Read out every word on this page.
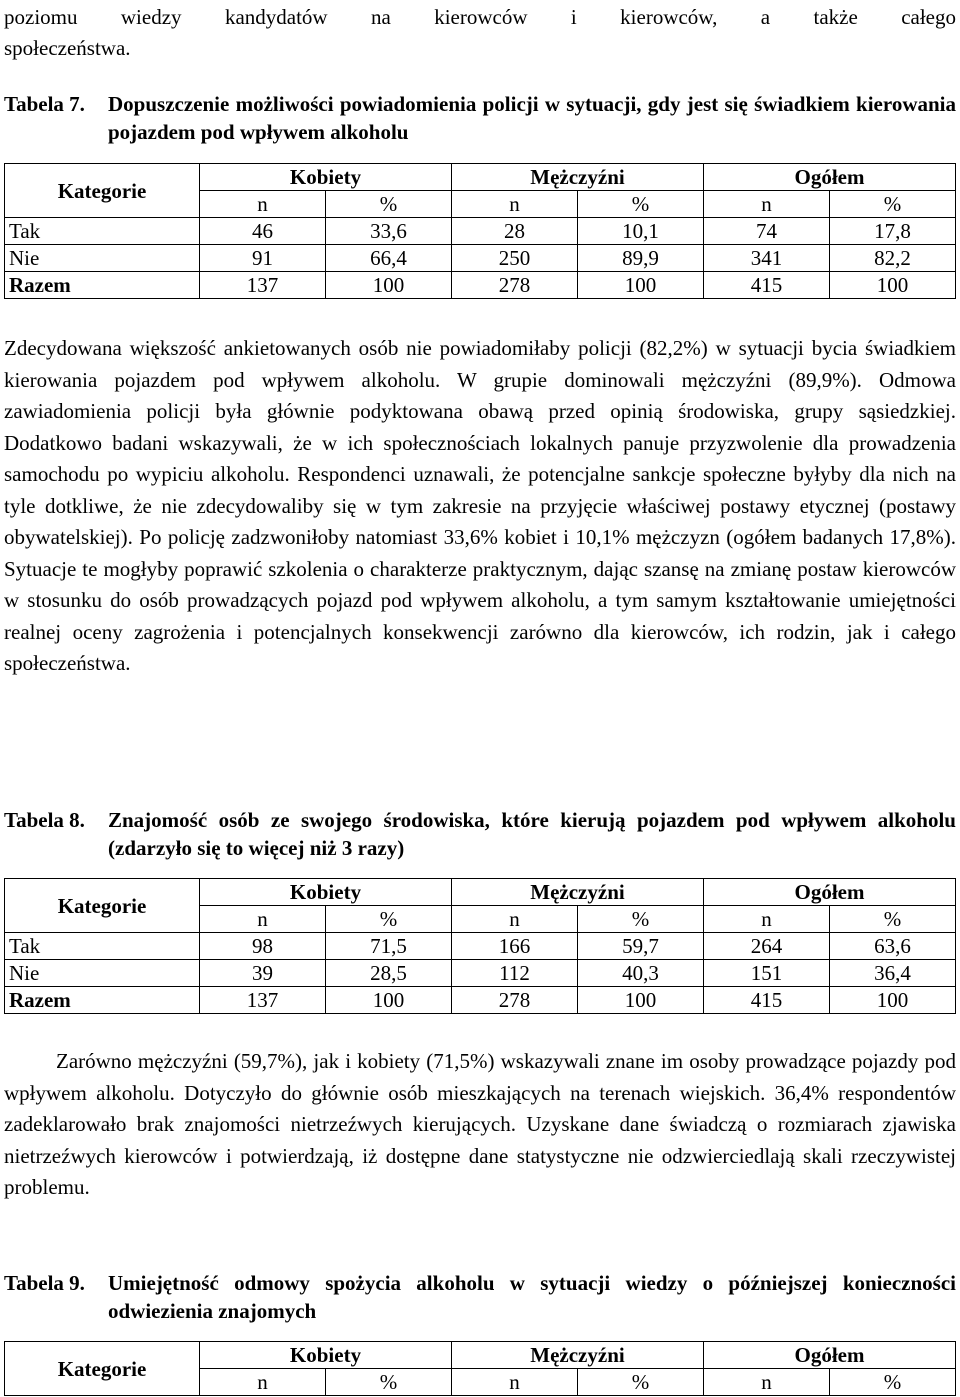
poziomu wiedzy kandydatów na kierowców i kierowców, a także całego

społeczeństwa.

Tabela 7. Dopuszczenie możliwości powiadomienia policji w sytuacji, gdy jest się świadkiem kierowania pojazdem pod wpływem alkoholu
Kategorie	Kobiety		Mężczyźni		Ogółem	
	n	%	n	%	n	%
Tak	46	33,6	28	10,1	74	17,8
Nie	91	66,4	250	89,9	341	82,2
Razem	137	100	278	100	415	100

Zdecydowana większość ankietowanych osób nie powiadomiłaby policji (82,2%) w sytuacji bycia świadkiem kierowania pojazdem pod wpływem alkoholu. W grupie dominowali mężczyźni (89,9%). Odmowa zawiadomienia policji była głównie podyktowana obawą przed opinią środowiska, grupy sąsiedzkiej. Dodatkowo badani wskazywali, że w ich społecznościach lokalnych panuje przyzwolenie dla prowadzenia samochodu po wypiciu alkoholu. Respondenci uznawali, że potencjalne sankcje społeczne byłyby dla nich na tyle dotkliwe, że nie zdecydowaliby się w tym zakresie na przyjęcie właściwej postawy etycznej (postawy obywatelskiej). Po policję zadzwoniłoby natomiast 33,6% kobiet i 10,1% mężczyzn (ogółem badanych 17,8%). Sytuacje te mogłyby poprawić szkolenia o charakterze praktycznym, dając szansę na zmianę postaw kierowców w stosunku do osób prowadzących pojazd pod wpływem alkoholu, a tym samym kształtowanie umiejętności realnej oceny zagrożenia i potencjalnych konsekwencji zarówno dla kierowców, ich rodzin, jak i całego społeczeństwa.

Tabela 8. Znajomość osób ze swojego środowiska, które kierują pojazdem pod wpływem alkoholu (zdarzyło się to więcej niż 3 razy)
Kategorie	Kobiety		Mężczyźni		Ogółem	
	n	%	n	%	n	%
Tak	98	71,5	166	59,7	264	63,6
Nie	39	28,5	112	40,3	151	36,4
Razem	137	100	278	100	415	100

Zarówno mężczyźni (59,7%), jak i kobiety (71,5%) wskazywali znane im osoby prowadzące pojazdy pod wpływem alkoholu. Dotyczyło do głównie osób mieszkających na terenach wiejskich. 36,4% respondentów zadeklarowało brak znajomości nietrzeźwych kierujących. Uzyskane dane świadczą o rozmiarach zjawiska nietrzeźwych kierowców i potwierdzają, iż dostępne dane statystyczne nie odzwierciedlają skali rzeczywistej problemu.

Tabela 9. Umiejętność odmowy spożycia alkoholu w sytuacji wiedzy o późniejszej konieczności odwiezienia znajomych
Kategorie	Kobiety		Mężczyźni		Ogółem	
	n	%	n	%	n	%
